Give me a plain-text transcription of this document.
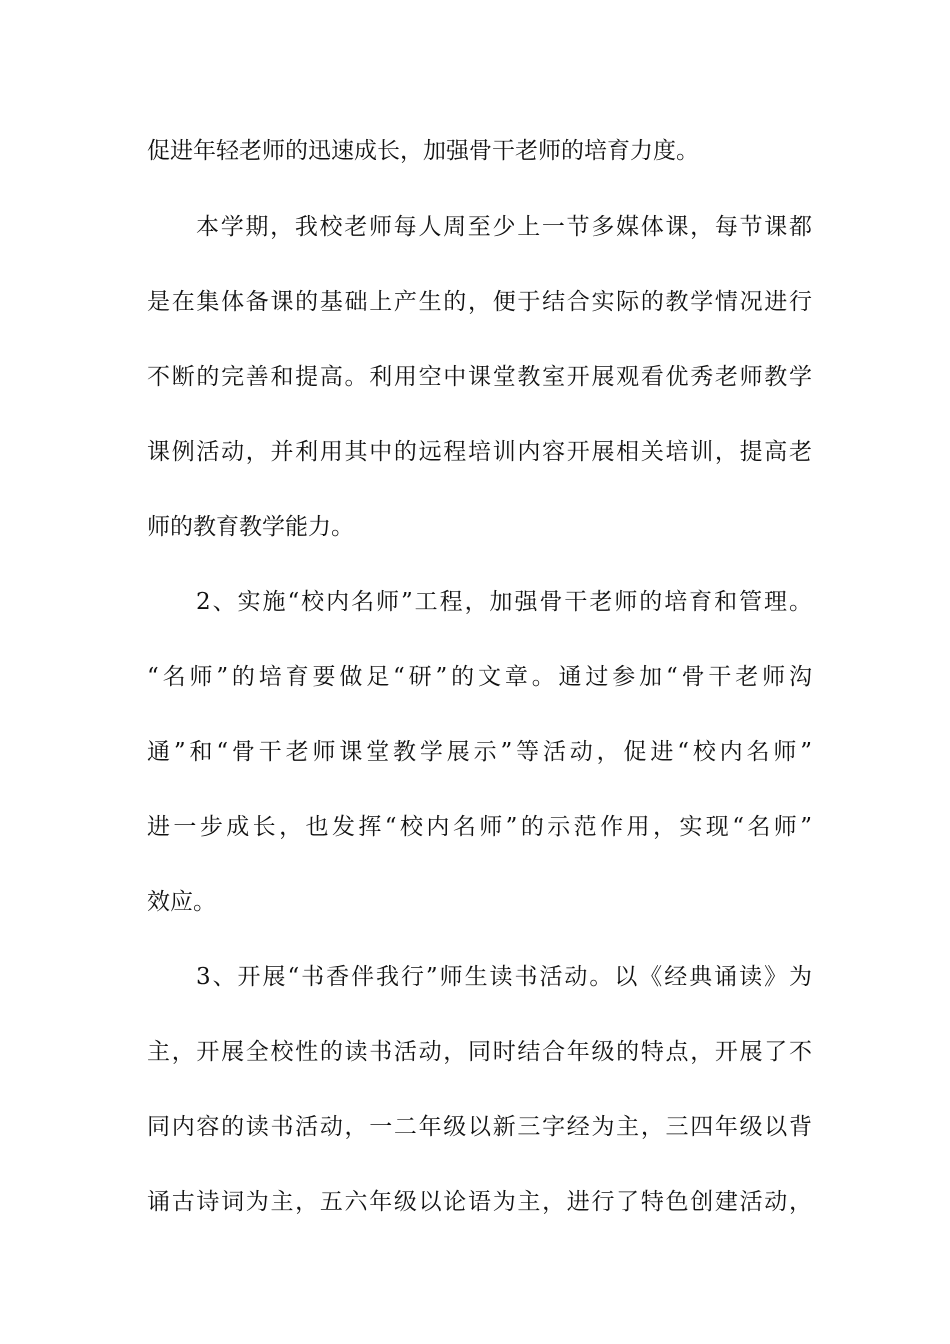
促进年轻老师的迅速成长，加强骨干老师的培育力度。
本学期，我校老师每人周至少上一节多媒体课，每节课都
是在集体备课的基础上产生的，便于结合实际的教学情况进行
不断的完善和提高。利用空中课堂教室开展观看优秀老师教学
课例活动，并利用其中的远程培训内容开展相关培训，提高老
师的教育教学能力。
2、实施“校内名师”工程，加强骨干老师的培育和管理。
“名师”的培育要做足“研”的文章。通过参加“骨干老师沟
通”和“骨干老师课堂教学展示”等活动，促进“校内名师”
进一步成长，也发挥“校内名师”的示范作用，实现“名师”
效应。
3、开展“书香伴我行”师生读书活动。以《经典诵读》为
主，开展全校性的读书活动，同时结合年级的特点，开展了不
同内容的读书活动，一二年级以新三字经为主，三四年级以背
诵古诗词为主，五六年级以论语为主，进行了特色创建活动，
